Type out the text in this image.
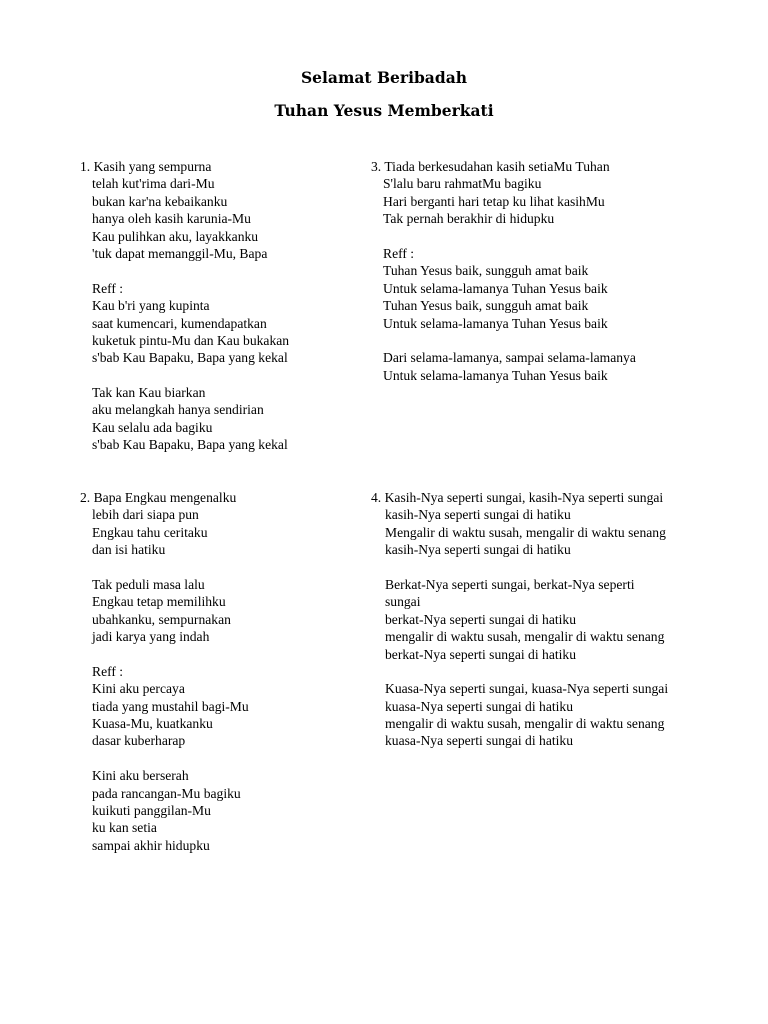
Selamat Beribadah
Tuhan Yesus Memberkati
1. Kasih yang sempurna
telah kut'rima dari-Mu
bukan kar'na kebaikanku
hanya oleh kasih karunia-Mu
Kau pulihkan aku, layakkanku
'tuk dapat memanggil-Mu, Bapa
Reff :
Kau b'ri yang kupinta
saat kumencari, kumendapatkan
kuketuk pintu-Mu dan Kau bukakan
s'bab Kau Bapaku, Bapa yang kekal
Tak kan Kau biarkan
aku melangkah hanya sendirian
Kau selalu ada bagiku
s'bab Kau Bapaku, Bapa yang kekal
3. Tiada berkesudahan kasih setiaMu Tuhan
S'lalu baru rahmatMu bagiku
Hari berganti hari tetap ku lihat kasihMu
Tak pernah berakhir di hidupku
Reff :
Tuhan Yesus baik, sungguh amat baik
Untuk selama-lamanya Tuhan Yesus baik
Tuhan Yesus baik, sungguh amat baik
Untuk selama-lamanya Tuhan Yesus baik
Dari selama-lamanya, sampai selama-lamanya
Untuk selama-lamanya Tuhan Yesus baik
2. Bapa Engkau mengenalku
lebih dari siapa pun
Engkau tahu ceritaku
dan isi hatiku
Tak peduli masa lalu
Engkau tetap memilihku
ubahkanku, sempurnakan
jadi karya yang indah
Reff :
Kini aku percaya
tiada yang mustahil bagi-Mu
Kuasa-Mu, kuatkanku
dasar kuberharap
Kini aku berserah
pada rancangan-Mu bagiku
kuikuti panggilan-Mu
ku kan setia
sampai akhir hidupku
4. Kasih-Nya seperti sungai, kasih-Nya seperti sungai
kasih-Nya seperti sungai di hatiku
Mengalir di waktu susah, mengalir di waktu senang
kasih-Nya seperti sungai di hatiku
Berkat-Nya seperti sungai, berkat-Nya seperti
sungai
berkat-Nya seperti sungai di hatiku
mengalir di waktu susah, mengalir di waktu senang
berkat-Nya seperti sungai di hatiku
Kuasa-Nya seperti sungai, kuasa-Nya seperti sungai
kuasa-Nya seperti sungai di hatiku
mengalir di waktu susah, mengalir di waktu senang
kuasa-Nya seperti sungai di hatiku
